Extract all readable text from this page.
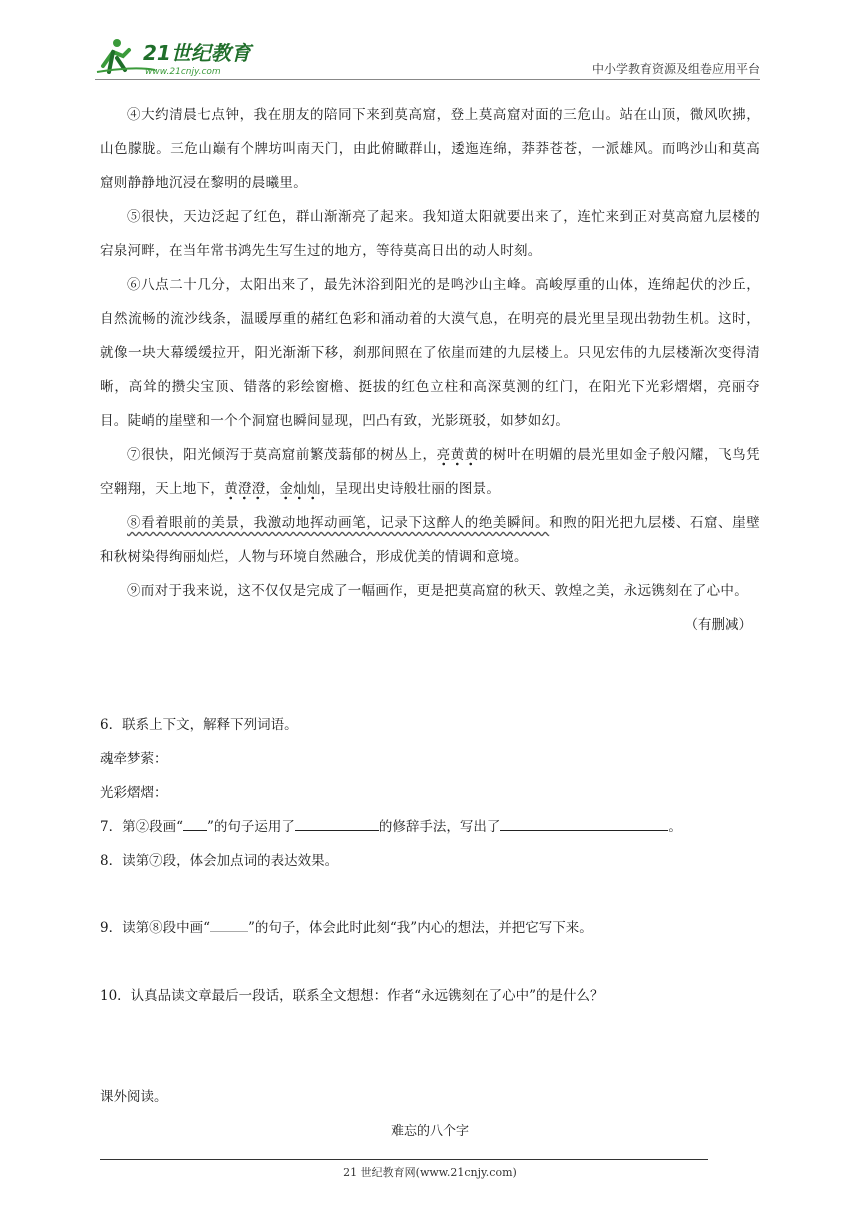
21世纪教育
www.21cnjy.com	中小学教育资源及组卷应用平台

④大约清晨七点钟，我在朋友的陪同下来到莫高窟，登上莫高窟对面的三危山。站在山顶，微风吹拂，山色朦胧。三危山巅有个牌坊叫南天门，由此俯瞰群山，逶迤连绵，莽莽苍苍，一派雄风。而鸣沙山和莫高窟则静静地沉浸在黎明的晨曦里。

⑤很快，天边泛起了红色，群山渐渐亮了起来。我知道太阳就要出来了，连忙来到正对莫高窟九层楼的宕泉河畔，在当年常书鸿先生写生过的地方，等待莫高日出的动人时刻。

⑥八点二十几分，太阳出来了，最先沐浴到阳光的是鸣沙山主峰。高峻厚重的山体，连绵起伏的沙丘，自然流畅的流沙线条，温暖厚重的赭红色彩和涌动着的大漠气息，在明亮的晨光里呈现出勃勃生机。这时，就像一块大幕缓缓拉开，阳光渐渐下移，刹那间照在了依崖而建的九层楼上。只见宏伟的九层楼渐次变得清晰，高耸的攒尖宝顶、错落的彩绘窗檐、挺拔的红色立柱和高深莫测的红门，在阳光下光彩熠熠，亮丽夺目。陡峭的崖壁和一个个洞窟也瞬间显现，凹凸有致，光影斑驳，如梦如幻。

⑦很快，阳光倾泻于莫高窟前繁茂蓊郁的树丛上，亮黄黄的树叶在明媚的晨光里如金子般闪耀，飞鸟凭空翱翔，天上地下，黄澄澄，金灿灿，呈现出史诗般壮丽的图景。

⑧看着眼前的美景，我激动地挥动画笔，记录下这醉人的绝美瞬间。和煦的阳光把九层楼、石窟、崖壁和秋树染得绚丽灿烂，人物与环境自然融合，形成优美的情调和意境。

⑨而对于我来说，这不仅仅是完成了一幅画作，更是把莫高窟的秋天、敦煌之美，永远镌刻在了心中。

（有删减）

6．联系上下文，解释下列词语。
魂牵梦萦：
光彩熠熠：
7．第②段画“ ”的句子运用了	的修辞手法，写出了	。
8．读第⑦段，体会加点词的表达效果。
9．读第⑧段中画“	”的句子，体会此时此刻“我”内心的想法，并把它写下来。
10．认真品读文章最后一段话，联系全文想想：作者“永远镌刻在了心中”的是什么？
课外阅读。
难忘的八个字
21 世纪教育网(www.21cnjy.com)
